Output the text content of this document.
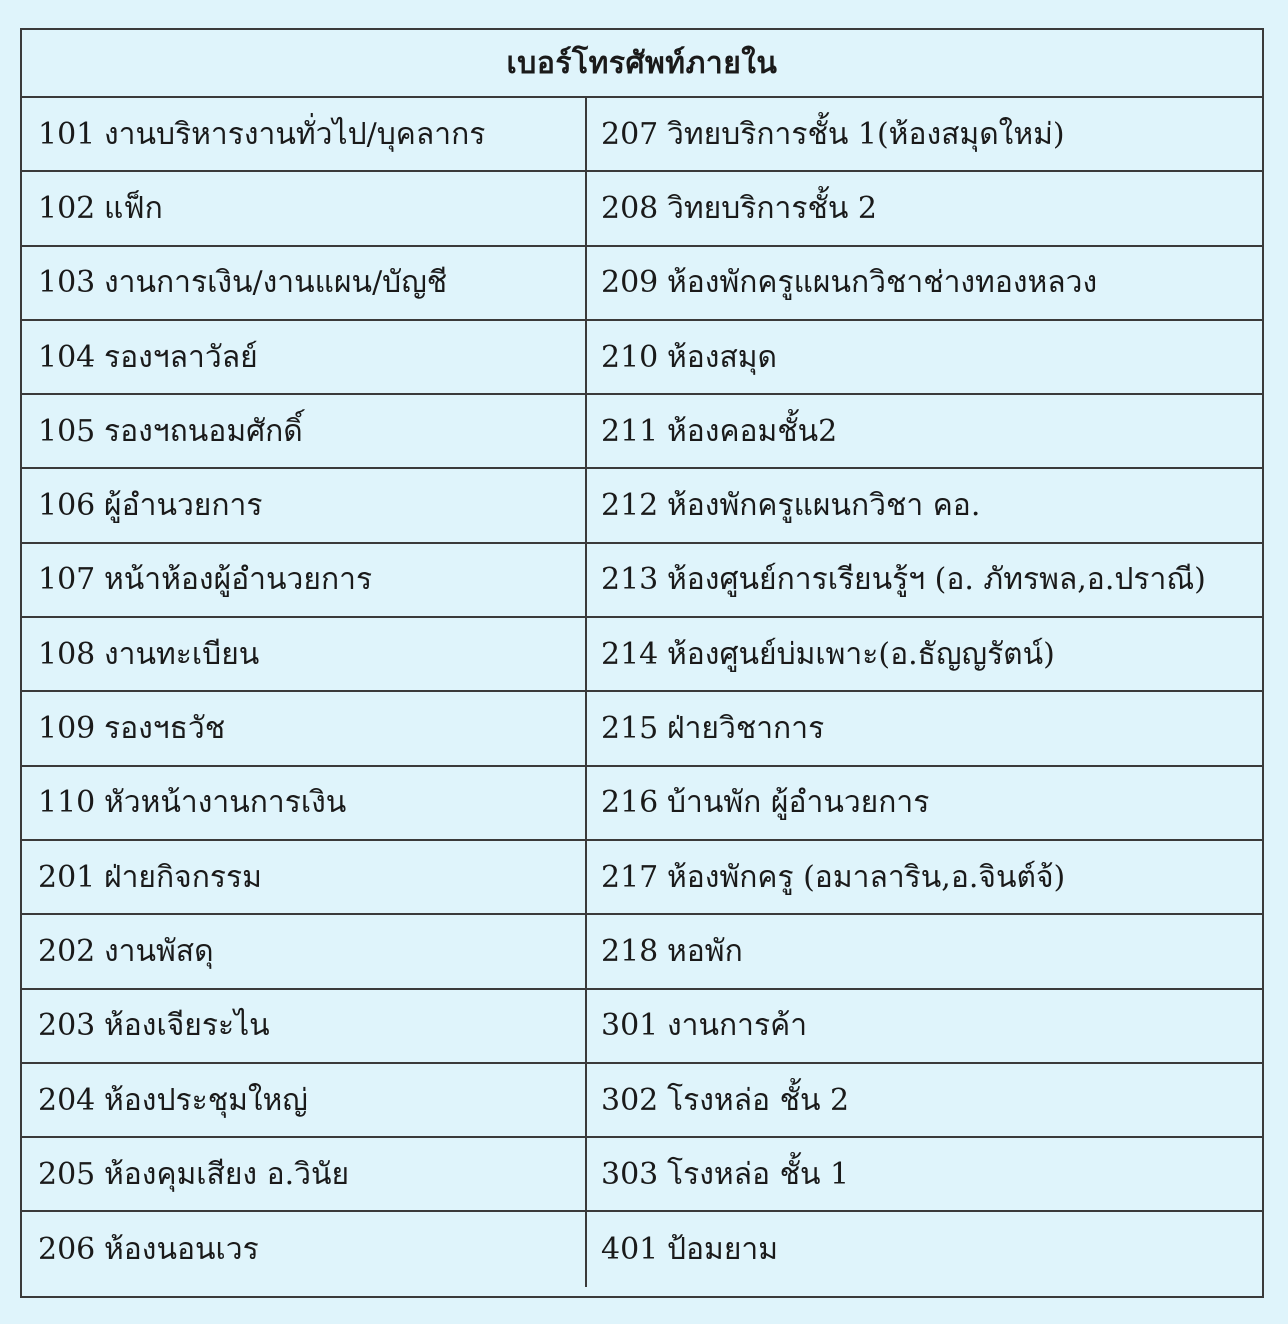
เบอร์โทรศัพท์ภายใน
101 งานบริหารงานทั่วไป/บุคลากร	207 วิทยบริการชั้น 1(ห้องสมุดใหม่)
102 แฟ็ก	208 วิทยบริการชั้น 2
103 งานการเงิน/งานแผน/บัญชี	209 ห้องพักครูแผนกวิชาช่างทองหลวง
104 รองฯลาวัลย์	210 ห้องสมุด
105 รองฯถนอมศักดิ์	211 ห้องคอมชั้น2
106 ผู้อำนวยการ	212 ห้องพักครูแผนกวิชา คอ.
107 หน้าห้องผู้อำนวยการ	213 ห้องศูนย์การเรียนรู้ฯ (อ. ภัทรพล,อ.ปราณี)
108 งานทะเบียน	214 ห้องศูนย์บ่มเพาะ(อ.ธัญญรัตน์)
109 รองฯธวัช	215 ฝ่ายวิชาการ
110 หัวหน้างานการเงิน	216 บ้านพัก ผู้อำนวยการ
201 ฝ่ายกิจกรรม	217 ห้องพักครู (อมาลาริน,อ.จินต์จ้)
202 งานพัสดุ	218 หอพัก
203 ห้องเจียระไน	301 งานการค้า
204 ห้องประชุมใหญ่	302 โรงหล่อ ชั้น 2
205 ห้องคุมเสียง อ.วินัย	303 โรงหล่อ ชั้น 1
206 ห้องนอนเวร	401 ป้อมยาม
